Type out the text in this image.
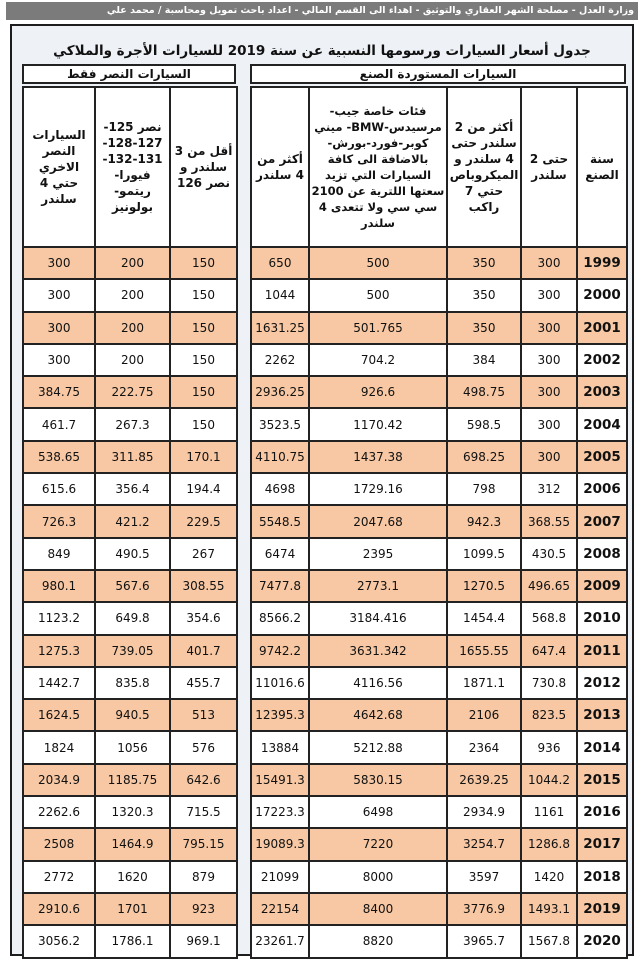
وزارة العدل - مصلحة الشهر العقاري والتوثيق - اهداء الى القسم المالي - اعداد باحث تمويل ومحاسبة / محمد علي
جدول أسعار السيارات ورسومها النسبية عن سنة 2019 للسيارات الأجرة والملاكي
السيارات المستوردة الصنع
السيارات النصر فقط
السيارات النصر الاخري حتي 4 سلندر	نصر 125- 127-128- 131-132- فيورا-ريتمو- بولونيز	أقل من 3 سلندر و نصر 126
300	200	150
300	200	150
300	200	150
300	200	150
384.75	222.75	150
461.7	267.3	150
538.65	311.85	170.1
615.6	356.4	194.4
726.3	421.2	229.5
849	490.5	267
980.1	567.6	308.55
1123.2	649.8	354.6
1275.3	739.05	401.7
1442.7	835.8	455.7
1624.5	940.5	513
1824	1056	576
2034.9	1185.75	642.6
2262.6	1320.3	715.5
2508	1464.9	795.15
2772	1620	879
2910.6	1701	923
3056.2	1786.1	969.1
أكثر من 4 سلندر	فئات خاصة جيب-مرسيدس-BMW- ميني كوبر-فورد-بورش- بالاضافة الى كافة السيارات التي تزيد سعتها اللترية عن 2100 سي سي ولا تتعدى 4 سلندر	أكثر من 2 سلندر حتى 4 سلندر و الميكروباص حتي 7 راكب	حتى 2 سلندر	سنة الصنع
650	500	350	300	1999
1044	500	350	300	2000
1631.25	501.765	350	300	2001
2262	704.2	384	300	2002
2936.25	926.6	498.75	300	2003
3523.5	1170.42	598.5	300	2004
4110.75	1437.38	698.25	300	2005
4698	1729.16	798	312	2006
5548.5	2047.68	942.3	368.55	2007
6474	2395	1099.5	430.5	2008
7477.8	2773.1	1270.5	496.65	2009
8566.2	3184.416	1454.4	568.8	2010
9742.2	3631.342	1655.55	647.4	2011
11016.6	4116.56	1871.1	730.8	2012
12395.3	4642.68	2106	823.5	2013
13884	5212.88	2364	936	2014
15491.3	5830.15	2639.25	1044.2	2015
17223.3	6498	2934.9	1161	2016
19089.3	7220	3254.7	1286.8	2017
21099	8000	3597	1420	2018
22154	8400	3776.9	1493.1	2019
23261.7	8820	3965.7	1567.8	2020
